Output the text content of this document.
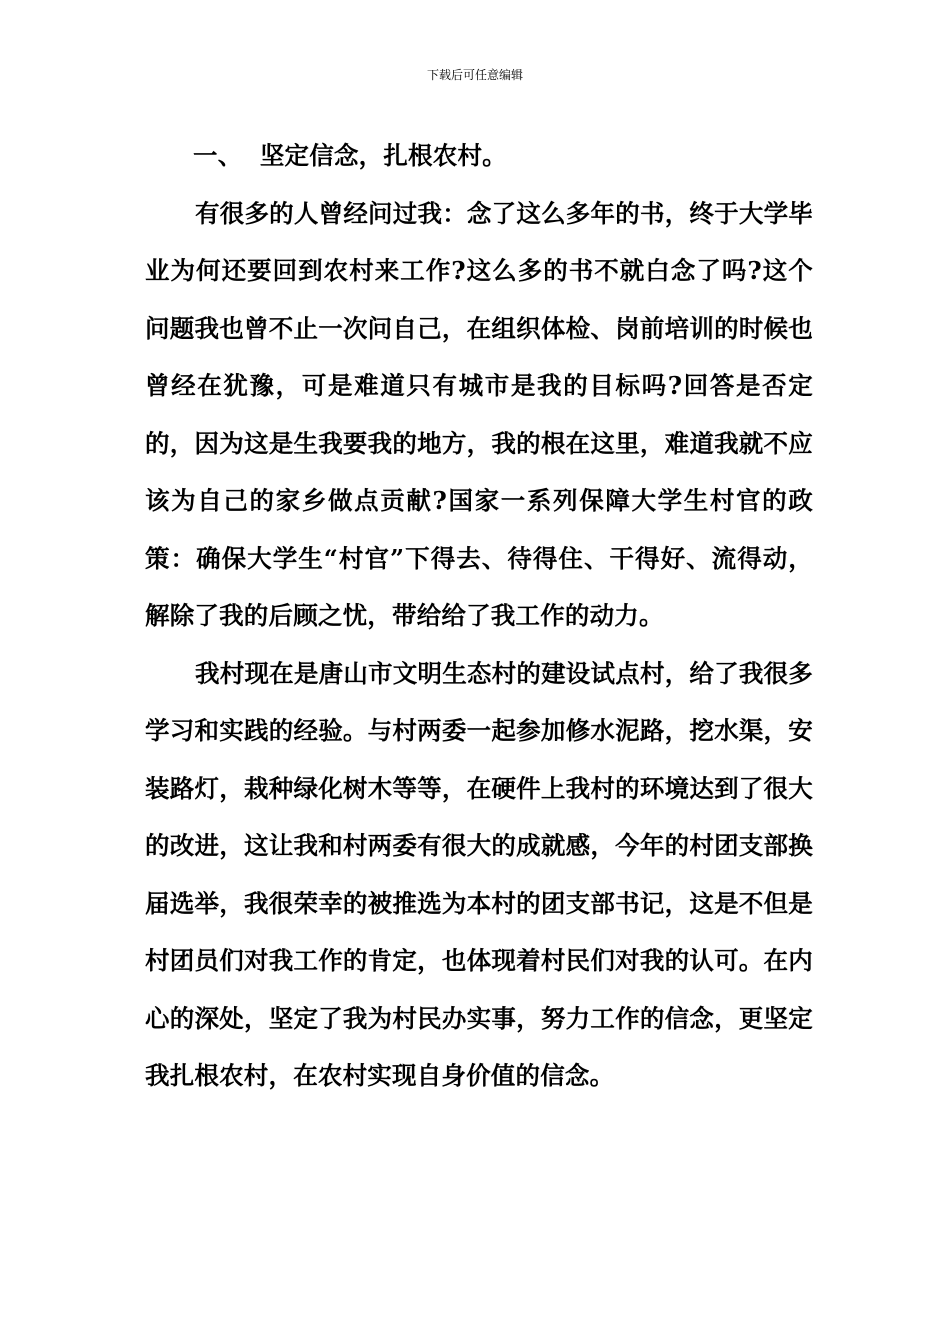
下载后可任意编辑

一、  坚定信念，扎根农村。

有很多的人曾经问过我：念了这么多年的书，终于大学毕业为何还要回到农村来工作?这么多的书不就白念了吗?这个问题我也曾不止一次问自己，在组织体检、岗前培训的时候也曾经在犹豫，可是难道只有城市是我的目标吗?回答是否定的，因为这是生我要我的地方，我的根在这里，难道我就不应该为自己的家乡做点贡献?国家一系列保障大学生村官的政策：确保大学生“村官”下得去、待得住、干得好、流得动，解除了我的后顾之忧，带给给了我工作的动力。

我村现在是唐山市文明生态村的建设试点村，给了我很多学习和实践的经验。与村两委一起参加修水泥路，挖水渠，安装路灯，栽种绿化树木等等，在硬件上我村的环境达到了很大的改进，这让我和村两委有很大的成就感，今年的村团支部换届选举，我很荣幸的被推选为本村的团支部书记，这是不但是村团员们对我工作的肯定，也体现着村民们对我的认可。在内心的深处，坚定了我为村民办实事，努力工作的信念，更坚定我扎根农村，在农村实现自身价值的信念。
